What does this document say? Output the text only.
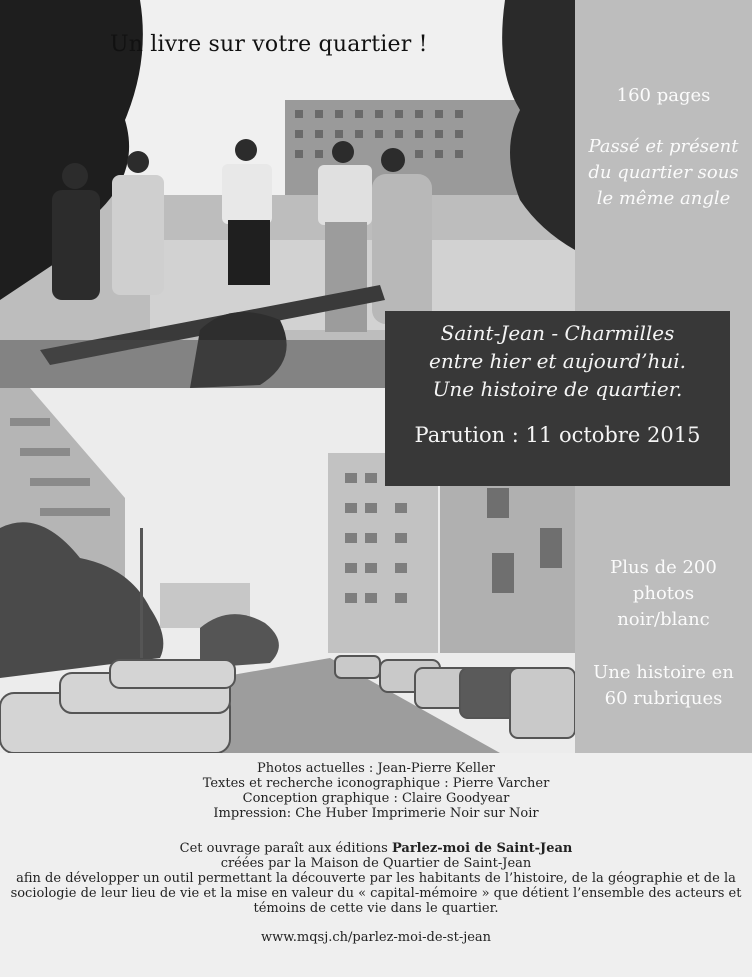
160 pages
Passé et présent
du quartier sous
le même angle
Plus de 200
photos
noir/blanc
Une histoire en
60 rubriques
Un livre sur votre quartier !
Saint-Jean - Charmilles
entre hier et aujourd’hui.
Une histoire de quartier.
Parution : 11 octobre 2015
Photos actuelles : Jean-Pierre Keller
Textes et recherche iconographique : Pierre Varcher
Conception graphique : Claire Goodyear
Impression: Che Huber Imprimerie Noir sur Noir
Cet ouvrage paraît aux éditions Parlez-moi de Saint-Jean
créées par la Maison de Quartier de Saint-Jean
afin de développer un outil permettant la découverte par les habitants de l’histoire, de la géographie et de la
sociologie de leur lieu de vie et la mise en valeur du « capital-mémoire » que détient l’ensemble des acteurs et
témoins de cette vie dans le quartier.
www.mqsj.ch/parlez-moi-de-st-jean
